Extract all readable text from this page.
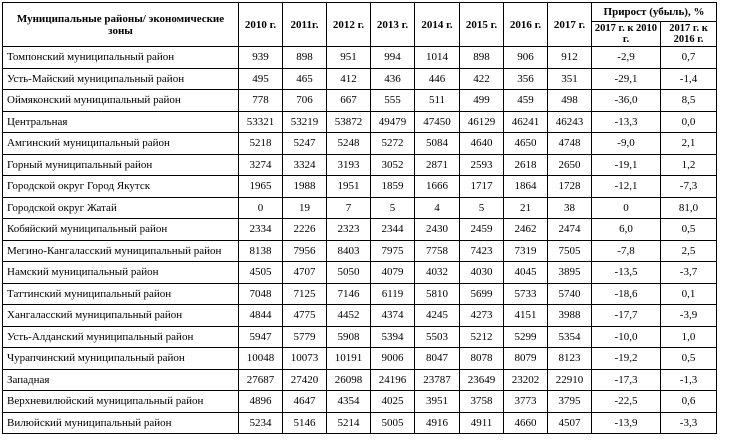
Муниципальные районы/ экономические зоны	2010 г.	2011г.	2012 г.	2013 г.	2014 г.	2015 г.	2016 г.	2017 г.	Прирост (убыль), %	
									2017 г. к 2010 г.	2017 г. к 2016 г.
Томпонский муниципальный район	939	898	951	994	1014	898	906	912	-2,9	0,7
Усть-Майский муниципальный район	495	465	412	436	446	422	356	351	-29,1	-1,4
Оймяконский муниципальный район	778	706	667	555	511	499	459	498	-36,0	8,5
Центральная	53321	53219	53872	49479	47450	46129	46241	46243	-13,3	0,0
Амгинский муниципальный район	5218	5247	5248	5272	5084	4640	4650	4748	-9,0	2,1
Горный муниципальный район	3274	3324	3193	3052	2871	2593	2618	2650	-19,1	1,2
Городской округ Город Якутск	1965	1988	1951	1859	1666	1717	1864	1728	-12,1	-7,3
Городской округ Жатай	0	19	7	5	4	5	21	38	0	81,0
Кобяйский муниципальный район	2334	2226	2323	2344	2430	2459	2462	2474	6,0	0,5
Мегино-Кангаласский муниципальный район	8138	7956	8403	7975	7758	7423	7319	7505	-7,8	2,5
Намский муниципальный район	4505	4707	5050	4079	4032	4030	4045	3895	-13,5	-3,7
Таттинский муниципальный район	7048	7125	7146	6119	5810	5699	5733	5740	-18,6	0,1
Хангаласский муниципальный район	4844	4775	4452	4374	4245	4273	4151	3988	-17,7	-3,9
Усть-Алданский муниципальный район	5947	5779	5908	5394	5503	5212	5299	5354	-10,0	1,0
Чурапчинский муниципальный район	10048	10073	10191	9006	8047	8078	8079	8123	-19,2	0,5
Западная	27687	27420	26098	24196	23787	23649	23202	22910	-17,3	-1,3
Верхневилюйский муниципальный район	4896	4647	4354	4025	3951	3758	3773	3795	-22,5	0,6
Вилюйский муниципальный район	5234	5146	5214	5005	4916	4911	4660	4507	-13,9	-3,3
